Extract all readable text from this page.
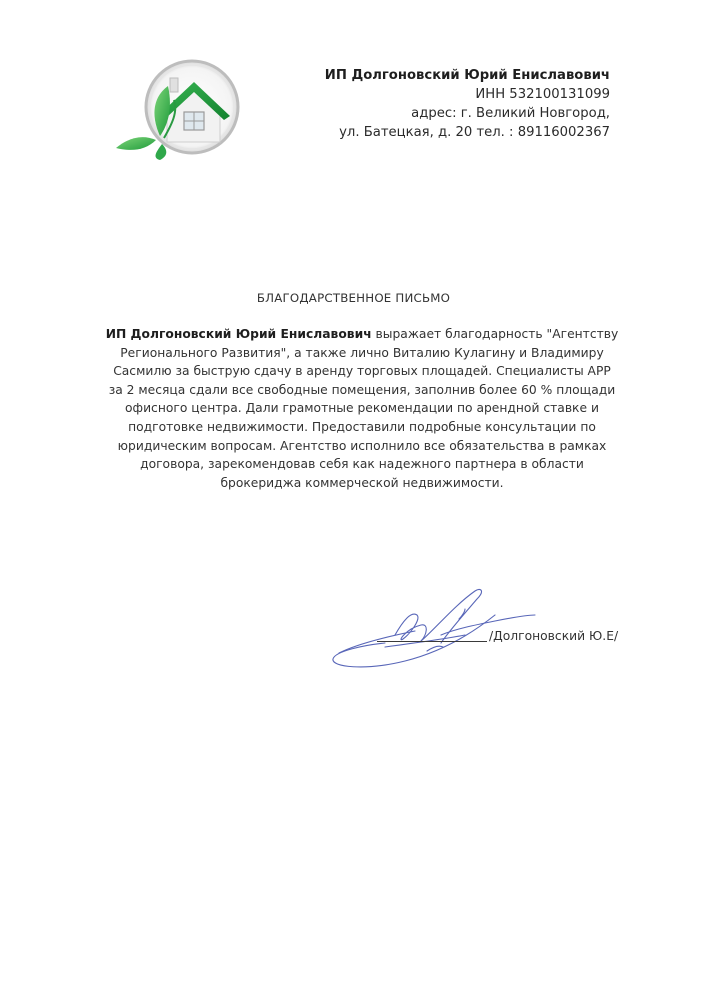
ИП Долгоновский Юрий Ениславович
ИНН 532100131099
адрес: г. Великий Новгород,
ул. Батецкая, д. 20 тел. : 89116002367
БЛАГОДАРСТВЕННОЕ ПИСЬМО
ИП Долгоновский Юрий Ениславович выражает благодарность "Агентству
Регионального Развития", а также лично Виталию Кулагину и Владимиру
Сасмилю за быструю сдачу в аренду торговых площадей. Специалисты АРР
за 2 месяца сдали все свободные помещения, заполнив более 60 % площади
офисного центра. Дали грамотные рекомендации по арендной ставке и
подготовке недвижимости. Предоставили подробные консультации по
юридическим вопросам. Агентство исполнило все обязательства в рамках
договора, зарекомендовав себя как надежного партнера в области
брокериджа коммерческой недвижимости.
/Долгоновский Ю.Е/
